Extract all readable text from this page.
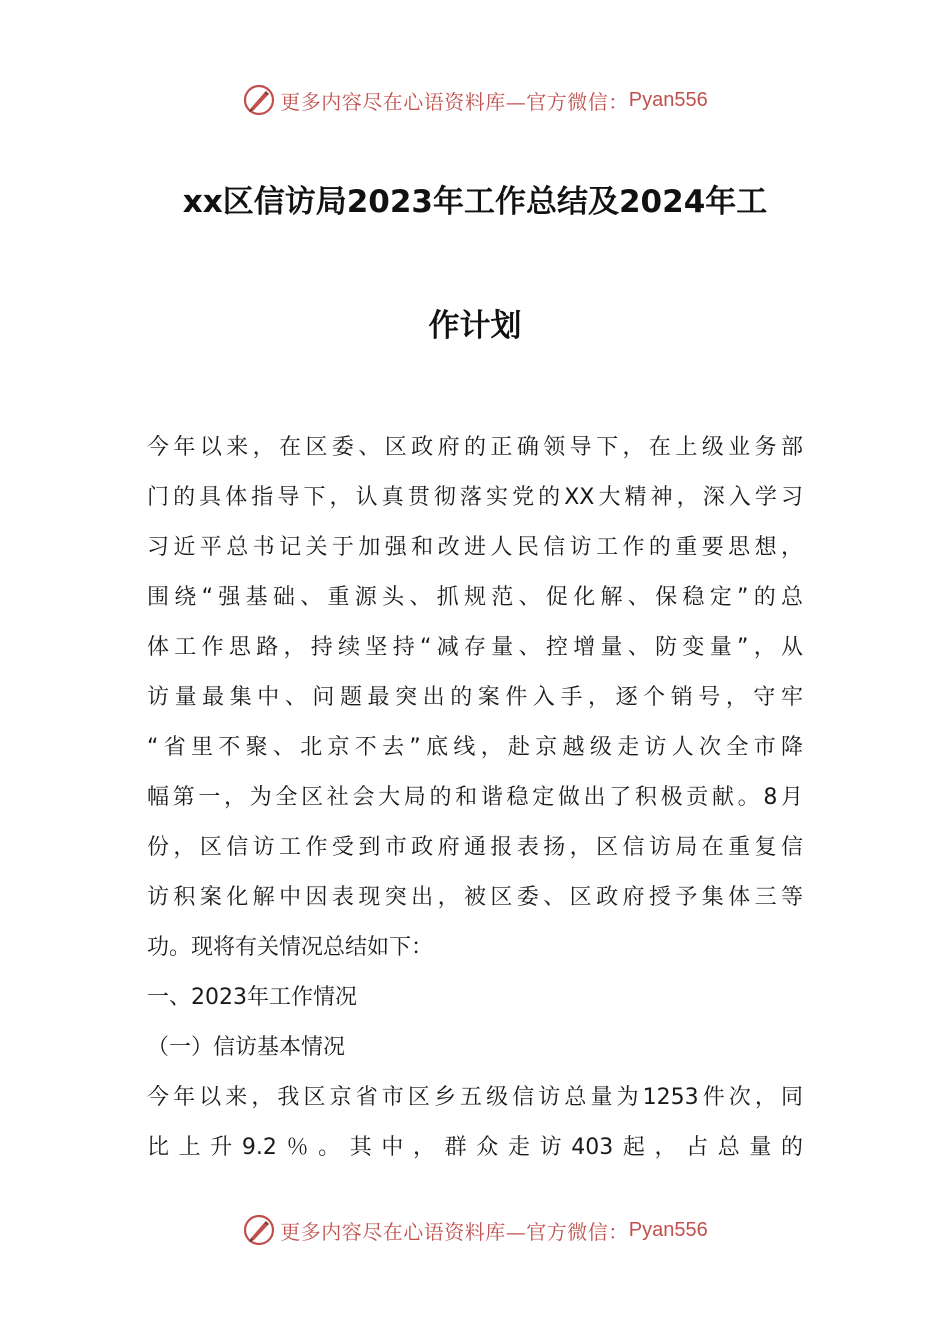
更多内容尽在心语资料库—官方微信： Pyan556
xx区信访局2023年工作总结及2024年工
作计划
今年以来，在区委、区政府的正确领导下，在上级业务部
门的具体指导下，认真贯彻落实党的XX大精神，深入学习
习近平总书记关于加强和改进人民信访工作的重要思想，
围绕“强基础、重源头、抓规范、促化解、保稳定”的总
体工作思路，持续坚持“减存量、控增量、防变量”，从
访量最集中、问题最突出的案件入手，逐个销号，守牢
“省里不聚、北京不去”底线，赴京越级走访人次全市降
幅第一，为全区社会大局的和谐稳定做出了积极贡献。8月
份，区信访工作受到市政府通报表扬，区信访局在重复信
访积案化解中因表现突出，被区委、区政府授予集体三等
功。现将有关情况总结如下：
一、2023年工作情况
（一）信访基本情况
今年以来，我区京省市区乡五级信访总量为1253件次，同
比上升9.2％。其中，群众走访403起，占总量的
更多内容尽在心语资料库—官方微信： Pyan556
